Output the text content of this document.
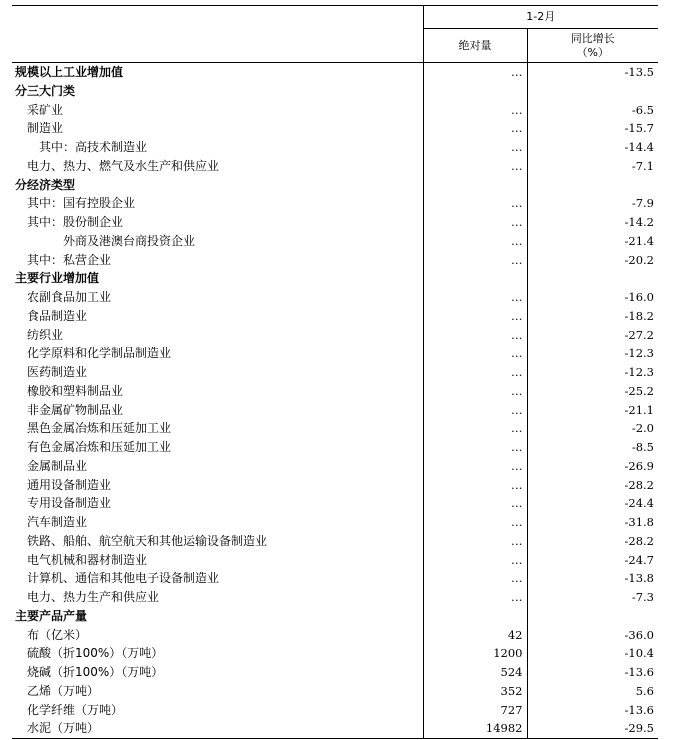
	1-2月	
	绝对量	同比增长
（%）

规模以上工业增加值	…	-13.5
分三大门类		
采矿业	…	-6.5
制造业	…	-15.7
其中：高技术制造业	…	-14.4
电力、热力、燃气及水生产和供应业	…	-7.1
分经济类型		
其中：国有控股企业	…	-7.9
其中：股份制企业	…	-14.2
外商及港澳台商投资企业	…	-21.4
其中：私营企业	…	-20.2
主要行业增加值		
农副食品加工业	…	-16.0
食品制造业	…	-18.2
纺织业	…	-27.2
化学原料和化学制品制造业	…	-12.3
医药制造业	…	-12.3
橡胶和塑料制品业	…	-25.2
非金属矿物制品业	…	-21.1
黑色金属冶炼和压延加工业	…	-2.0
有色金属冶炼和压延加工业	…	-8.5
金属制品业	…	-26.9
通用设备制造业	…	-28.2
专用设备制造业	…	-24.4
汽车制造业	…	-31.8
铁路、船舶、航空航天和其他运输设备制造业	…	-28.2
电气机械和器材制造业	…	-24.7
计算机、通信和其他电子设备制造业	…	-13.8
电力、热力生产和供应业	…	-7.3
主要产品产量		
布（亿米）	42	-36.0
硫酸（折100%）（万吨）	1200	-10.4
烧碱（折100%）（万吨）	524	-13.6
乙烯（万吨）	352	5.6
化学纤维（万吨）	727	-13.6
水泥（万吨）	14982	-29.5
